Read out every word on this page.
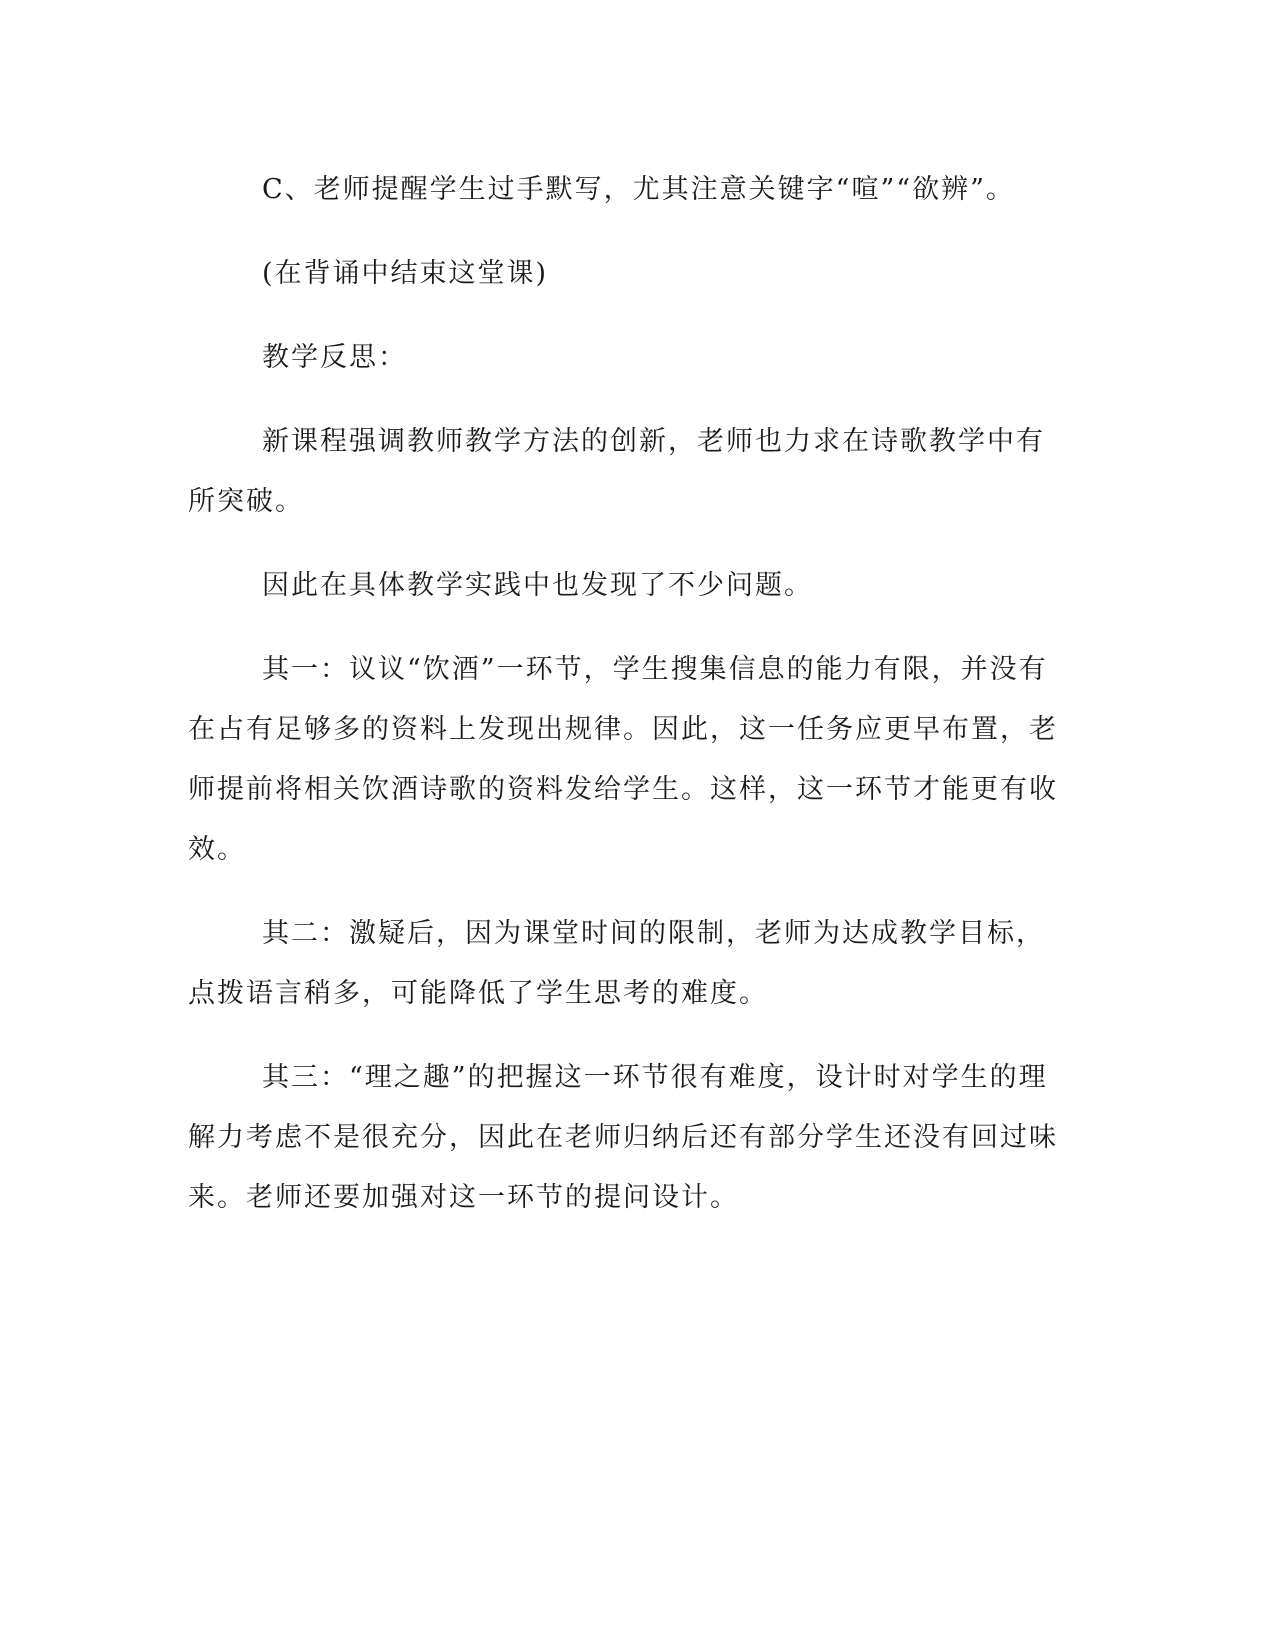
C、老师提醒学生过手默写，尤其注意关键字“喧”“欲辨”。

(在背诵中结束这堂课)

教学反思：

新课程强调教师教学方法的创新，老师也力求在诗歌教学中有所突破。

因此在具体教学实践中也发现了不少问题。

其一：议议“饮酒”一环节，学生搜集信息的能力有限，并没有在占有足够多的资料上发现出规律。因此，这一任务应更早布置，老师提前将相关饮酒诗歌的资料发给学生。这样，这一环节才能更有收效。

其二：激疑后，因为课堂时间的限制，老师为达成教学目标，点拨语言稍多，可能降低了学生思考的难度。

其三：“理之趣”的把握这一环节很有难度，设计时对学生的理解力考虑不是很充分，因此在老师归纳后还有部分学生还没有回过味来。老师还要加强对这一环节的提问设计。
